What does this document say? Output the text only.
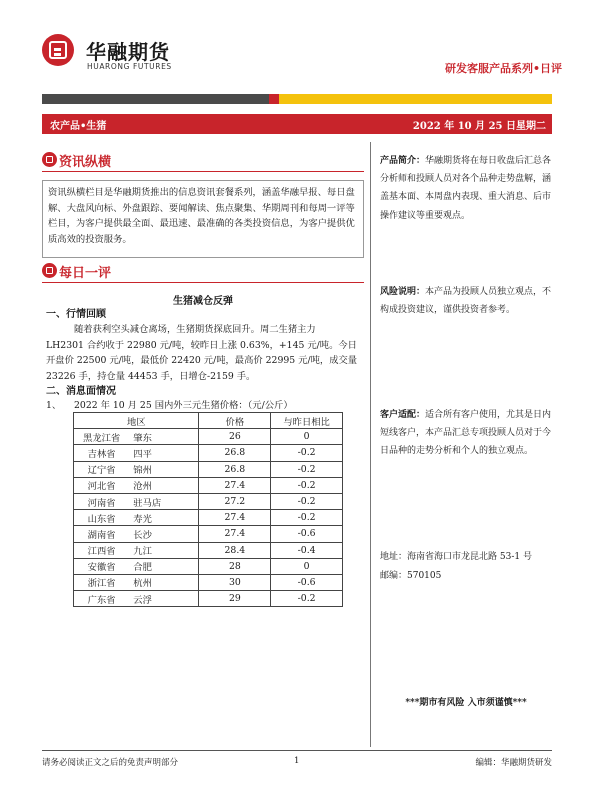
华融期货
HUARONG FUTURES	研发客服产品系列•日评
农产品•生猪	2022 年 10 月 25 日星期二
资讯纵横
资讯纵横栏目是华融期货推出的信息资讯套餐系列，涵盖华融早报、每日盘解、大盘风向标、外盘跟踪、要闻解读、焦点聚集、华期周刊和每周一评等栏目，为客户提供最全面、最迅速、最准确的各类投资信息，为客户提供优质高效的投资服务。
每日一评
生猪减仓反弹
一、行情回顾
随着获利空头减仓离场，生猪期货探底回升。周二生猪主力
LH2301 合约收于 22980 元/吨，较昨日上涨 0.63%，+145 元/吨。今日开盘价 22500 元/吨，最低价 22420 元/吨，最高价 22995 元/吨，成交量 23226 手，持仓量 44453 手，日增仓-2159 手。
二、消息面情况
1、 2022 年 10 月 25 国内外三元生猪价格：（元/公斤）
地区		价格	与昨日相比
黑龙江省	肇东	26	0
吉林省	四平	26.8	-0.2
辽宁省	锦州	26.8	-0.2
河北省	沧州	27.4	-0.2
河南省	驻马店	27.2	-0.2
山东省	寿光	27.4	-0.2
湖南省	长沙	27.4	-0.6
江西省	九江	28.4	-0.4
安徽省	合肥	28	0
浙江省	杭州	30	-0.6
广东省	云浮	29	-0.2
产品简介：华融期货将在每日收盘后汇总各分析师和投顾人员对各个品种走势盘解，涵盖基本面、本周盘内表现、重大消息、后市操作建议等重要观点。
风险说明：本产品为投顾人员独立观点，不构成投资建议，谨供投资者参考。
客户适配：适合所有客户使用，尤其是日内短线客户，本产品汇总专项投顾人员对于今日品种的走势分析和个人的独立观点。
地址：海南省海口市龙昆北路 53-1 号
邮编：570105
***期市有风险 入市须谨慎***
请务必阅读正文之后的免责声明部分	1	编辑：华融期货研发
